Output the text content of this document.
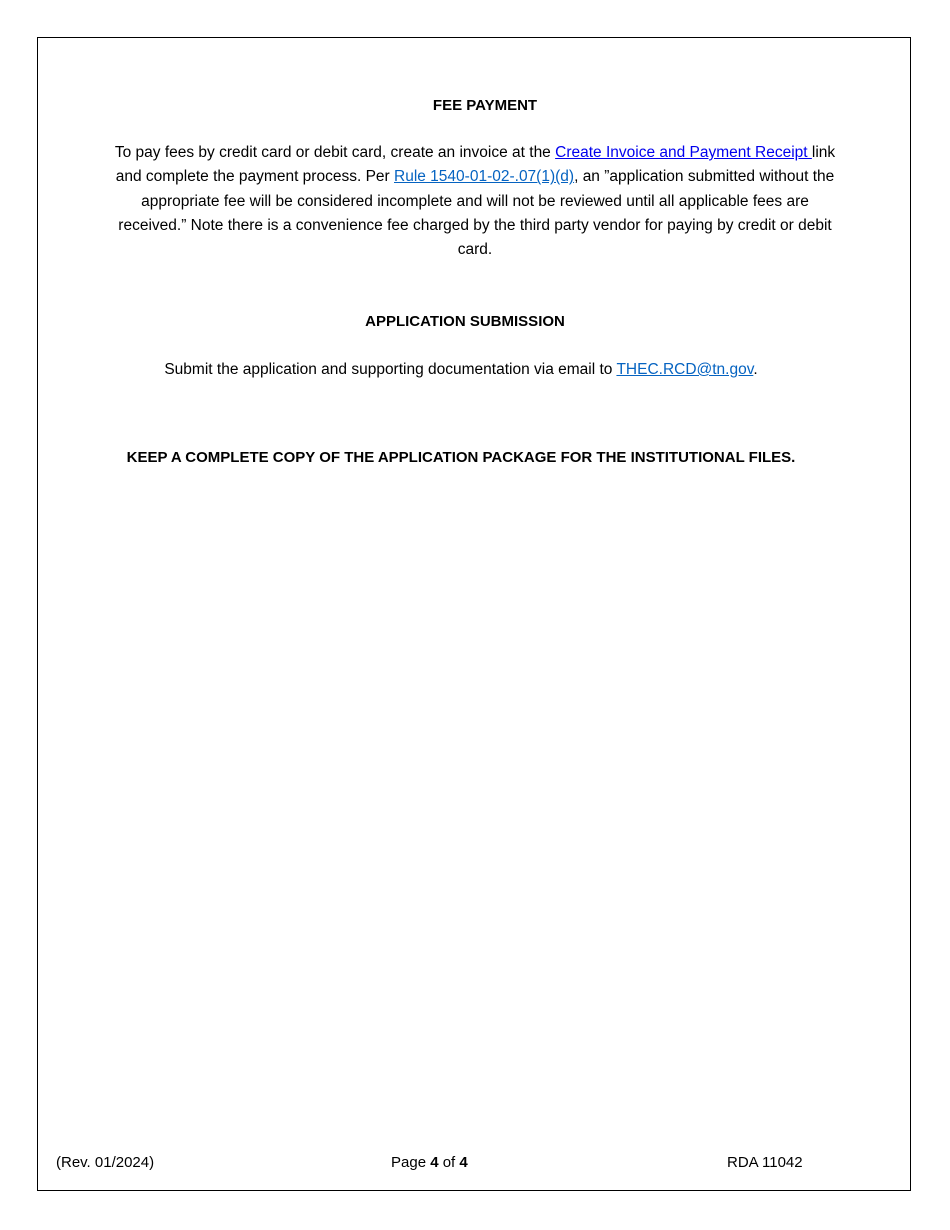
FEE PAYMENT

To pay fees by credit card or debit card, create an invoice at the Create Invoice and Payment Receipt link
and complete the payment process. Per Rule 1540-01-02-.07(1)(d), an ”application submitted without the
appropriate fee will be considered incomplete and will not be reviewed until all applicable fees are
received.” Note there is a convenience fee charged by the third party vendor for paying by credit or debit
card.

APPLICATION SUBMISSION

Submit the application and supporting documentation via email to THEC.RCD@tn.gov.

KEEP A COMPLETE COPY OF THE APPLICATION PACKAGE FOR THE INSTITUTIONAL FILES.
(Rev. 01/2024)	Page 4 of 4	RDA 11042
